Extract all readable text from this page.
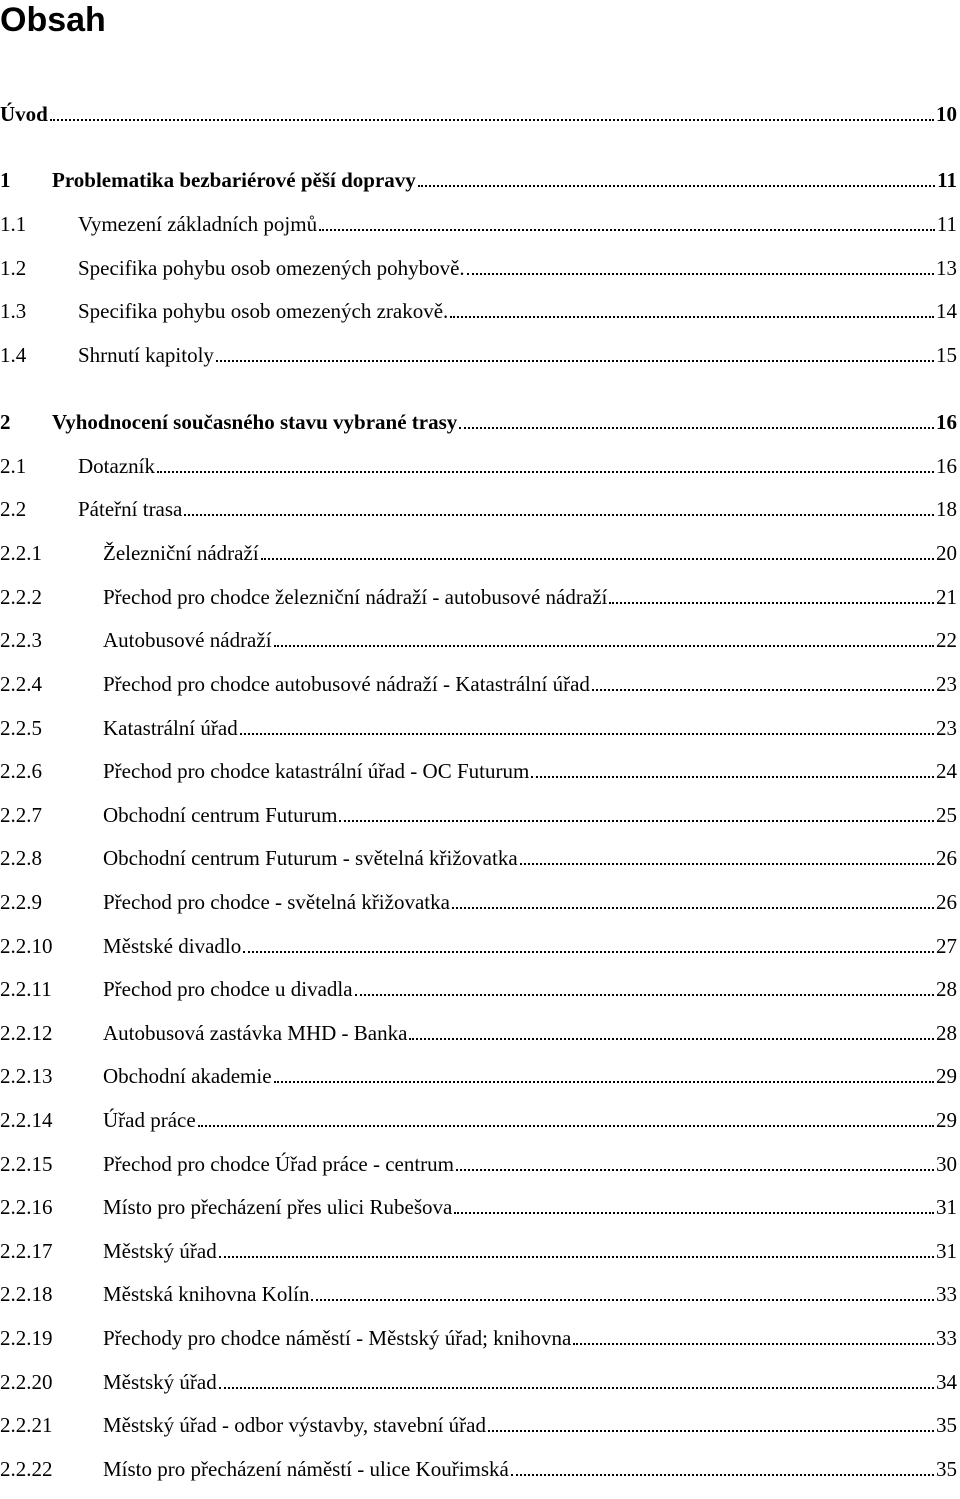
Obsah
Úvod	10
1	Problematika bezbariérové pěší dopravy	11
1.1	Vymezení základních pojmů	11
1.2	Specifika pohybu osob omezených pohybově.	13
1.3	Specifika pohybu osob omezených zrakově.	14
1.4	Shrnutí kapitoly	15
2	Vyhodnocení současného stavu vybrané trasy	16
2.1	Dotazník	16
2.2	Páteřní trasa	18
2.2.1	Železniční nádraží	20
2.2.2	Přechod pro chodce železniční nádraží - autobusové nádraží	21
2.2.3	Autobusové nádraží	22
2.2.4	Přechod pro chodce autobusové nádraží - Katastrální úřad	23
2.2.5	Katastrální úřad	23
2.2.6	Přechod pro chodce katastrální úřad - OC Futurum	24
2.2.7	Obchodní centrum Futurum	25
2.2.8	Obchodní centrum Futurum - světelná křižovatka	26
2.2.9	Přechod pro chodce - světelná křižovatka	26
2.2.10	Městské divadlo	27
2.2.11	Přechod pro chodce u divadla	28
2.2.12	Autobusová zastávka MHD - Banka	28
2.2.13	Obchodní akademie	29
2.2.14	Úřad práce	29
2.2.15	Přechod pro chodce Úřad práce - centrum	30
2.2.16	Místo pro přecházení přes ulici Rubešova	31
2.2.17	Městský úřad	31
2.2.18	Městská knihovna Kolín	33
2.2.19	Přechody pro chodce náměstí - Městský úřad; knihovna	33
2.2.20	Městský úřad	34
2.2.21	Městský úřad - odbor výstavby, stavební úřad	35
2.2.22	Místo pro přecházení náměstí - ulice Kouřimská	35
